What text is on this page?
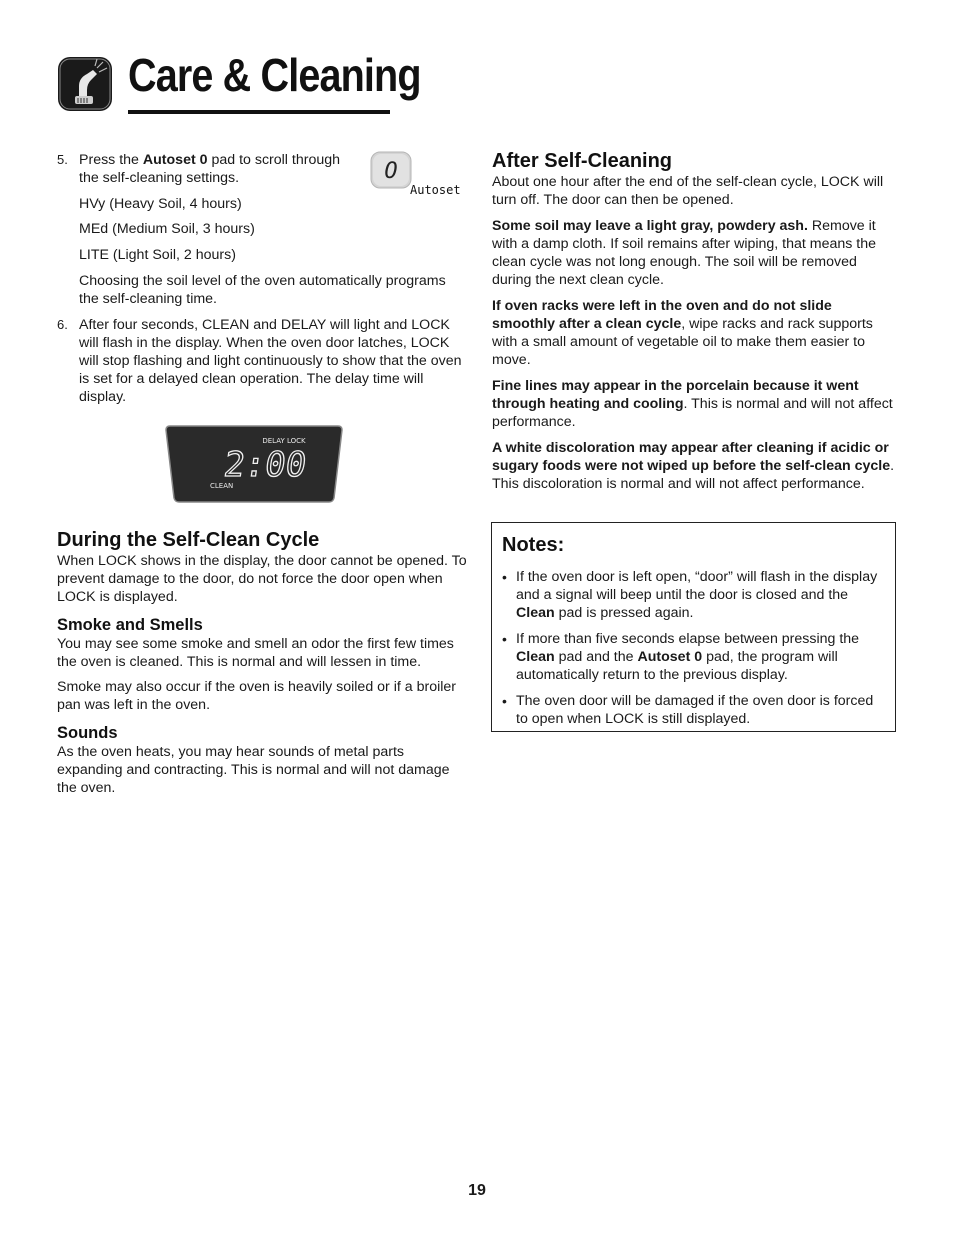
Care & Cleaning
5. Press the Autoset 0 pad to scroll through the self-cleaning settings.

HVy (Heavy Soil, 4 hours)

MEd (Medium Soil, 3 hours)

LITE (Light Soil, 2 hours)

Choosing the soil level of the oven automatically programs the self-cleaning time.

6. After four seconds, CLEAN and DELAY will light and LOCK will flash in the display. When the oven door latches, LOCK will stop flashing and light continuously to show that the oven is set for a delayed clean operation. The delay time will display.
O
Autoset
DELAY LOCK
2:00
CLEAN
During the Self-Clean Cycle

When LOCK shows in the display, the door cannot be opened. To prevent damage to the door, do not force the door open when LOCK is displayed.

Smoke and Smells

You may see some smoke and smell an odor the first few times the oven is cleaned. This is normal and will lessen in time.

Smoke may also occur if the oven is heavily soiled or if a broiler pan was left in the oven.

Sounds

As the oven heats, you may hear sounds of metal parts expanding and contracting. This is normal and will not damage the oven.

After Self-Cleaning

About one hour after the end of the self-clean cycle, LOCK will turn off. The door can then be opened.

Some soil may leave a light gray, powdery ash. Remove it with a damp cloth. If soil remains after wiping, that means the clean cycle was not long enough. The soil will be removed during the next clean cycle.

If oven racks were left in the oven and do not slide smoothly after a clean cycle, wipe racks and rack supports with a small amount of vegetable oil to make them easier to move.

Fine lines may appear in the porcelain because it went through heating and cooling. This is normal and will not affect performance.

A white discoloration may appear after cleaning if acidic or sugary foods were not wiped up before the self-clean cycle. This discoloration is normal and will not affect performance.

Notes:
• If the oven door is left open, “door” will flash in the display and a signal will beep until the door is closed and the Clean pad is pressed again.
• If more than five seconds elapse between pressing the Clean pad and the Autoset 0 pad, the program will automatically return to the previous display.
• The oven door will be damaged if the oven door is forced to open when LOCK is still displayed.
19
